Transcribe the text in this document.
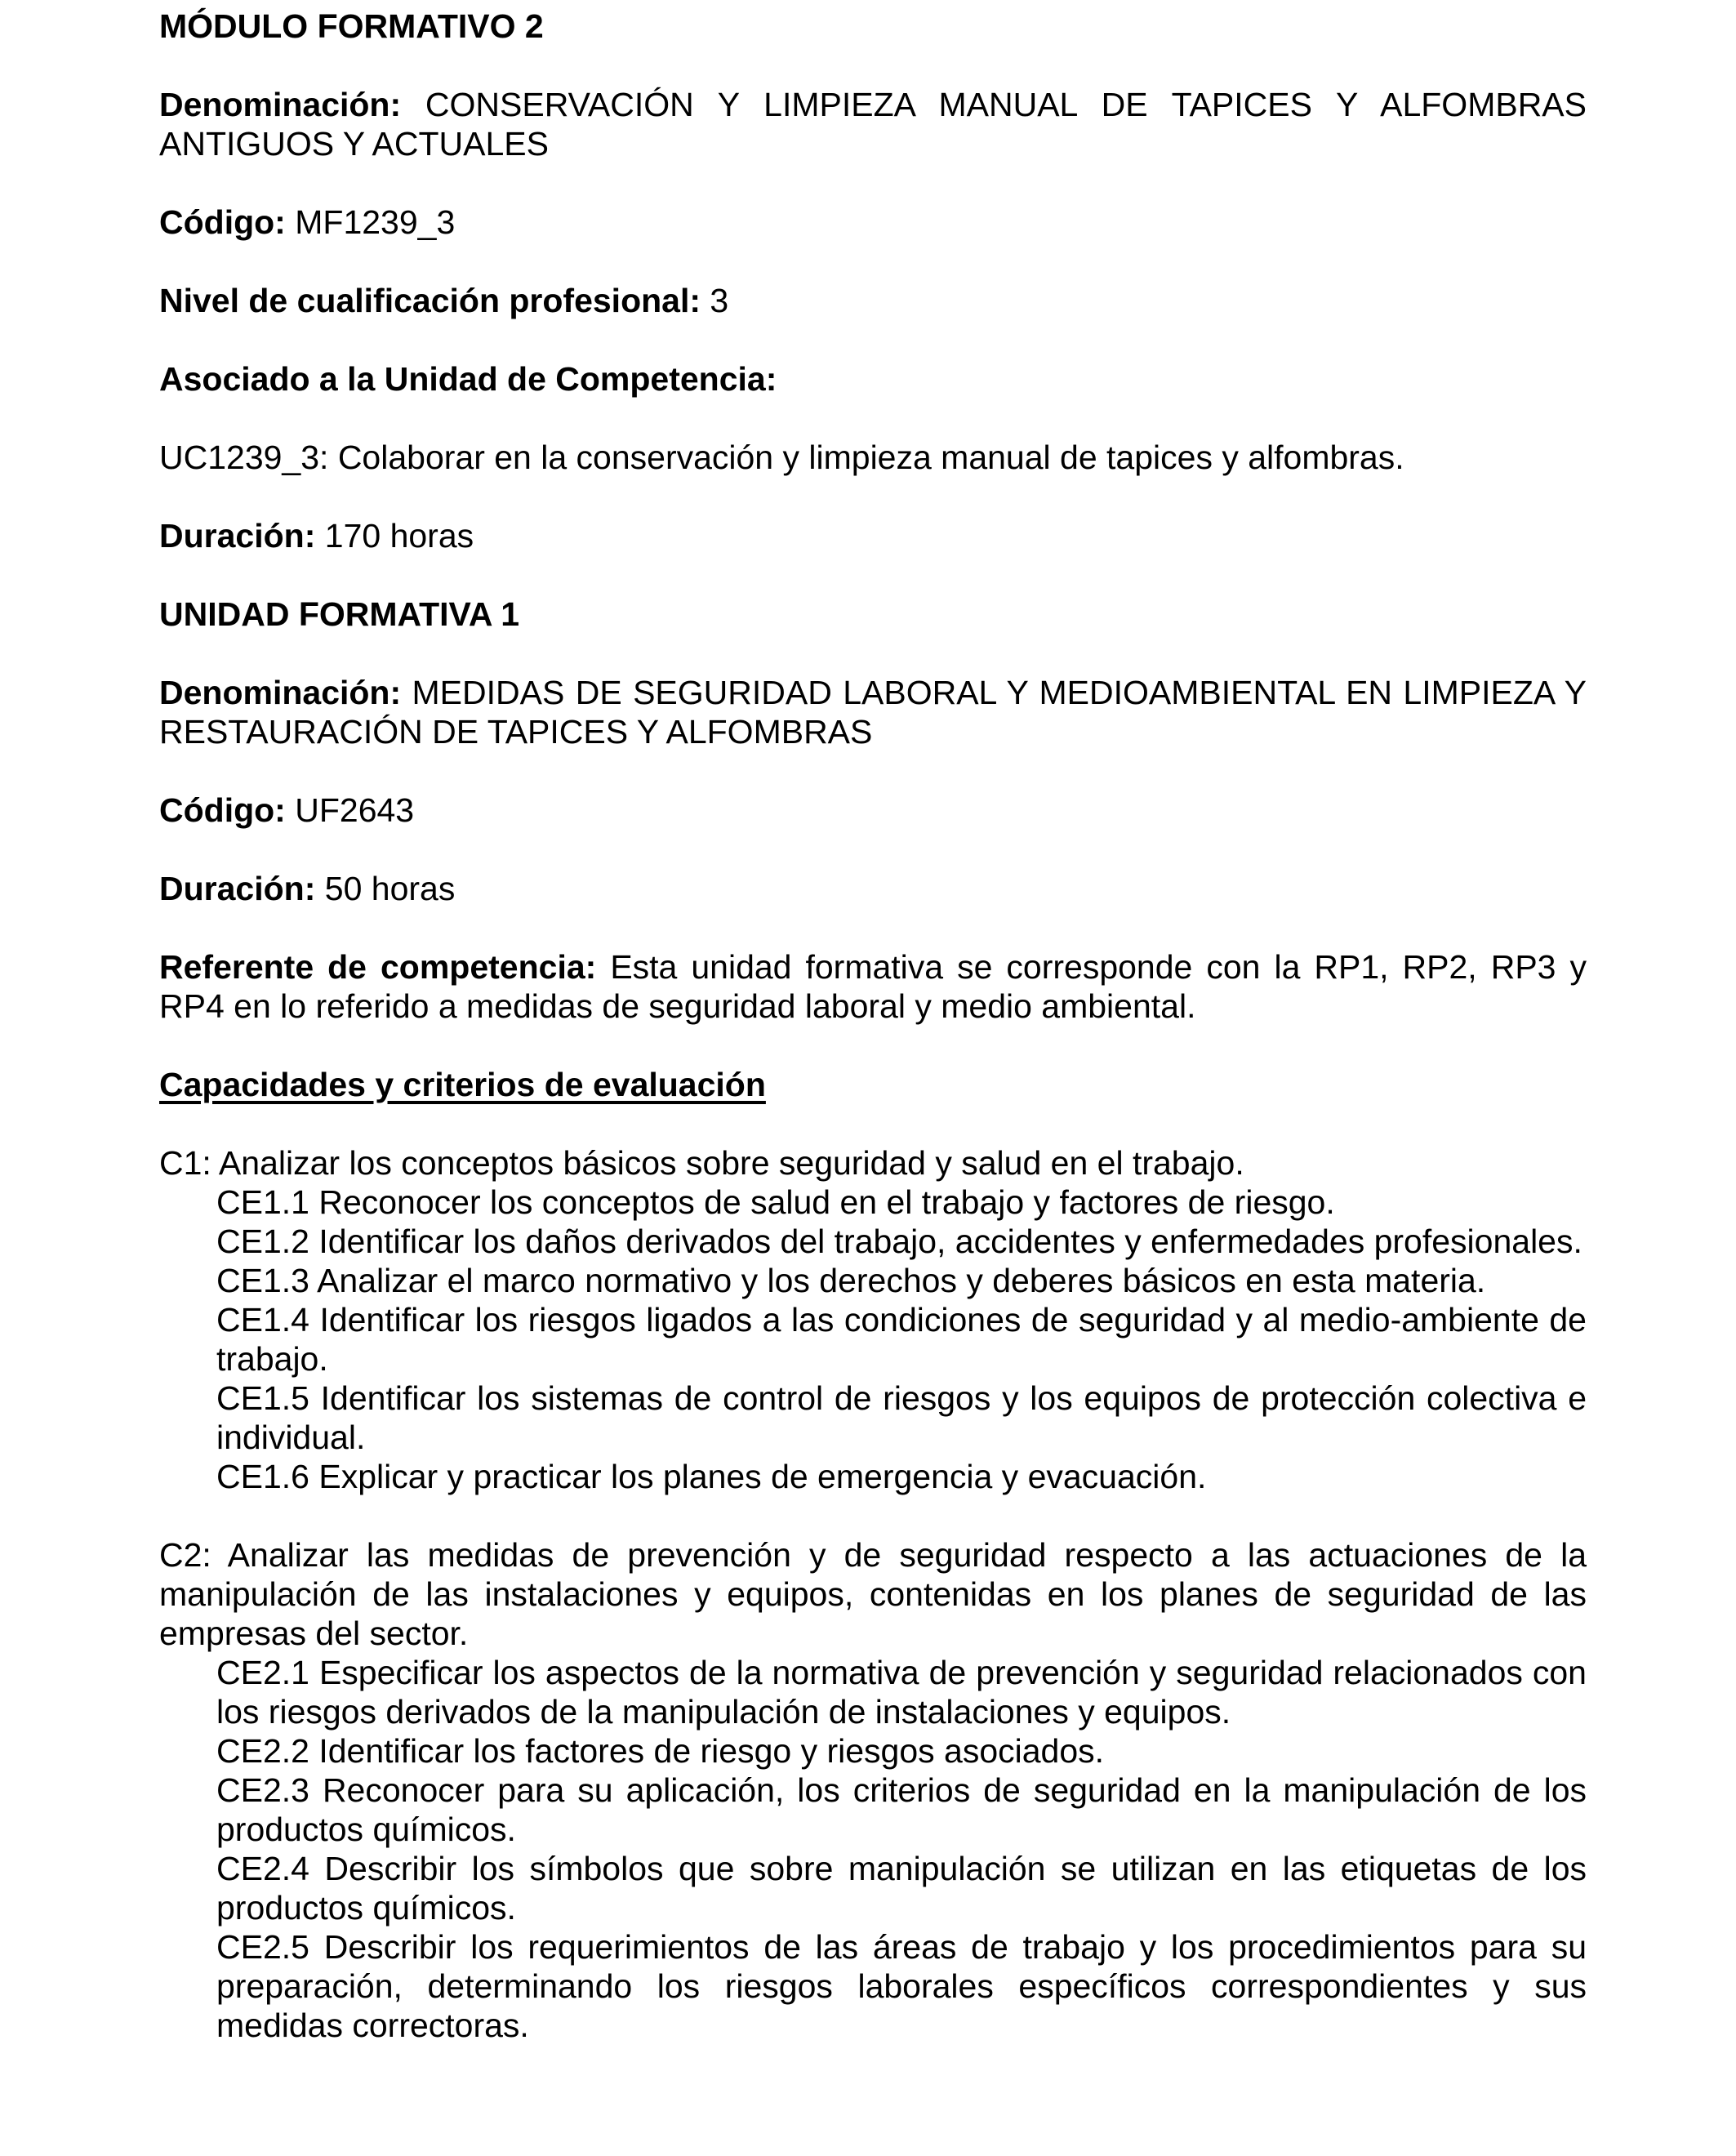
MÓDULO FORMATIVO 2

Denominación: CONSERVACIÓN Y LIMPIEZA MANUAL DE TAPICES Y ALFOMBRAS ANTIGUOS Y ACTUALES

Código: MF1239_3

Nivel de cualificación profesional: 3

Asociado a la Unidad de Competencia:

UC1239_3: Colaborar en la conservación y limpieza manual de tapices y alfombras.

Duración: 170 horas

UNIDAD FORMATIVA 1

Denominación: MEDIDAS DE SEGURIDAD LABORAL Y MEDIOAMBIENTAL EN LIMPIEZA Y RESTAURACIÓN DE TAPICES Y ALFOMBRAS

Código: UF2643

Duración: 50 horas

Referente de competencia: Esta unidad formativa se corresponde con la RP1, RP2, RP3 y RP4 en lo referido a medidas de seguridad laboral y medio ambiental.

Capacidades y criterios de evaluación

C1: Analizar los conceptos básicos sobre seguridad y salud en el trabajo.

CE1.1 Reconocer los conceptos de salud en el trabajo y factores de riesgo.
CE1.2 Identificar los daños derivados del trabajo, accidentes y enfermedades profesionales.
CE1.3 Analizar el marco normativo y los derechos y deberes básicos en esta materia.
CE1.4 Identificar los riesgos ligados a las condiciones de seguridad y al medio-ambiente de trabajo.
CE1.5 Identificar los sistemas de control de riesgos y los equipos de protección colectiva e individual.
CE1.6 Explicar y practicar los planes de emergencia y evacuación.

C2: Analizar las medidas de prevención y de seguridad respecto a las actuaciones de la manipulación de las instalaciones y equipos, contenidas en los planes de seguridad de las empresas del sector.

CE2.1 Especificar los aspectos de la normativa de prevención y seguridad relacionados con los riesgos derivados de la manipulación de instalaciones y equipos.
CE2.2 Identificar los factores de riesgo y riesgos asociados.
CE2.3 Reconocer para su aplicación, los criterios de seguridad en la manipulación de los productos químicos.
CE2.4 Describir los símbolos que sobre manipulación se utilizan en las etiquetas de los productos químicos.
CE2.5 Describir los requerimientos de las áreas de trabajo y los procedimientos para su preparación, determinando los riesgos laborales específicos correspondientes y sus medidas correctoras.
